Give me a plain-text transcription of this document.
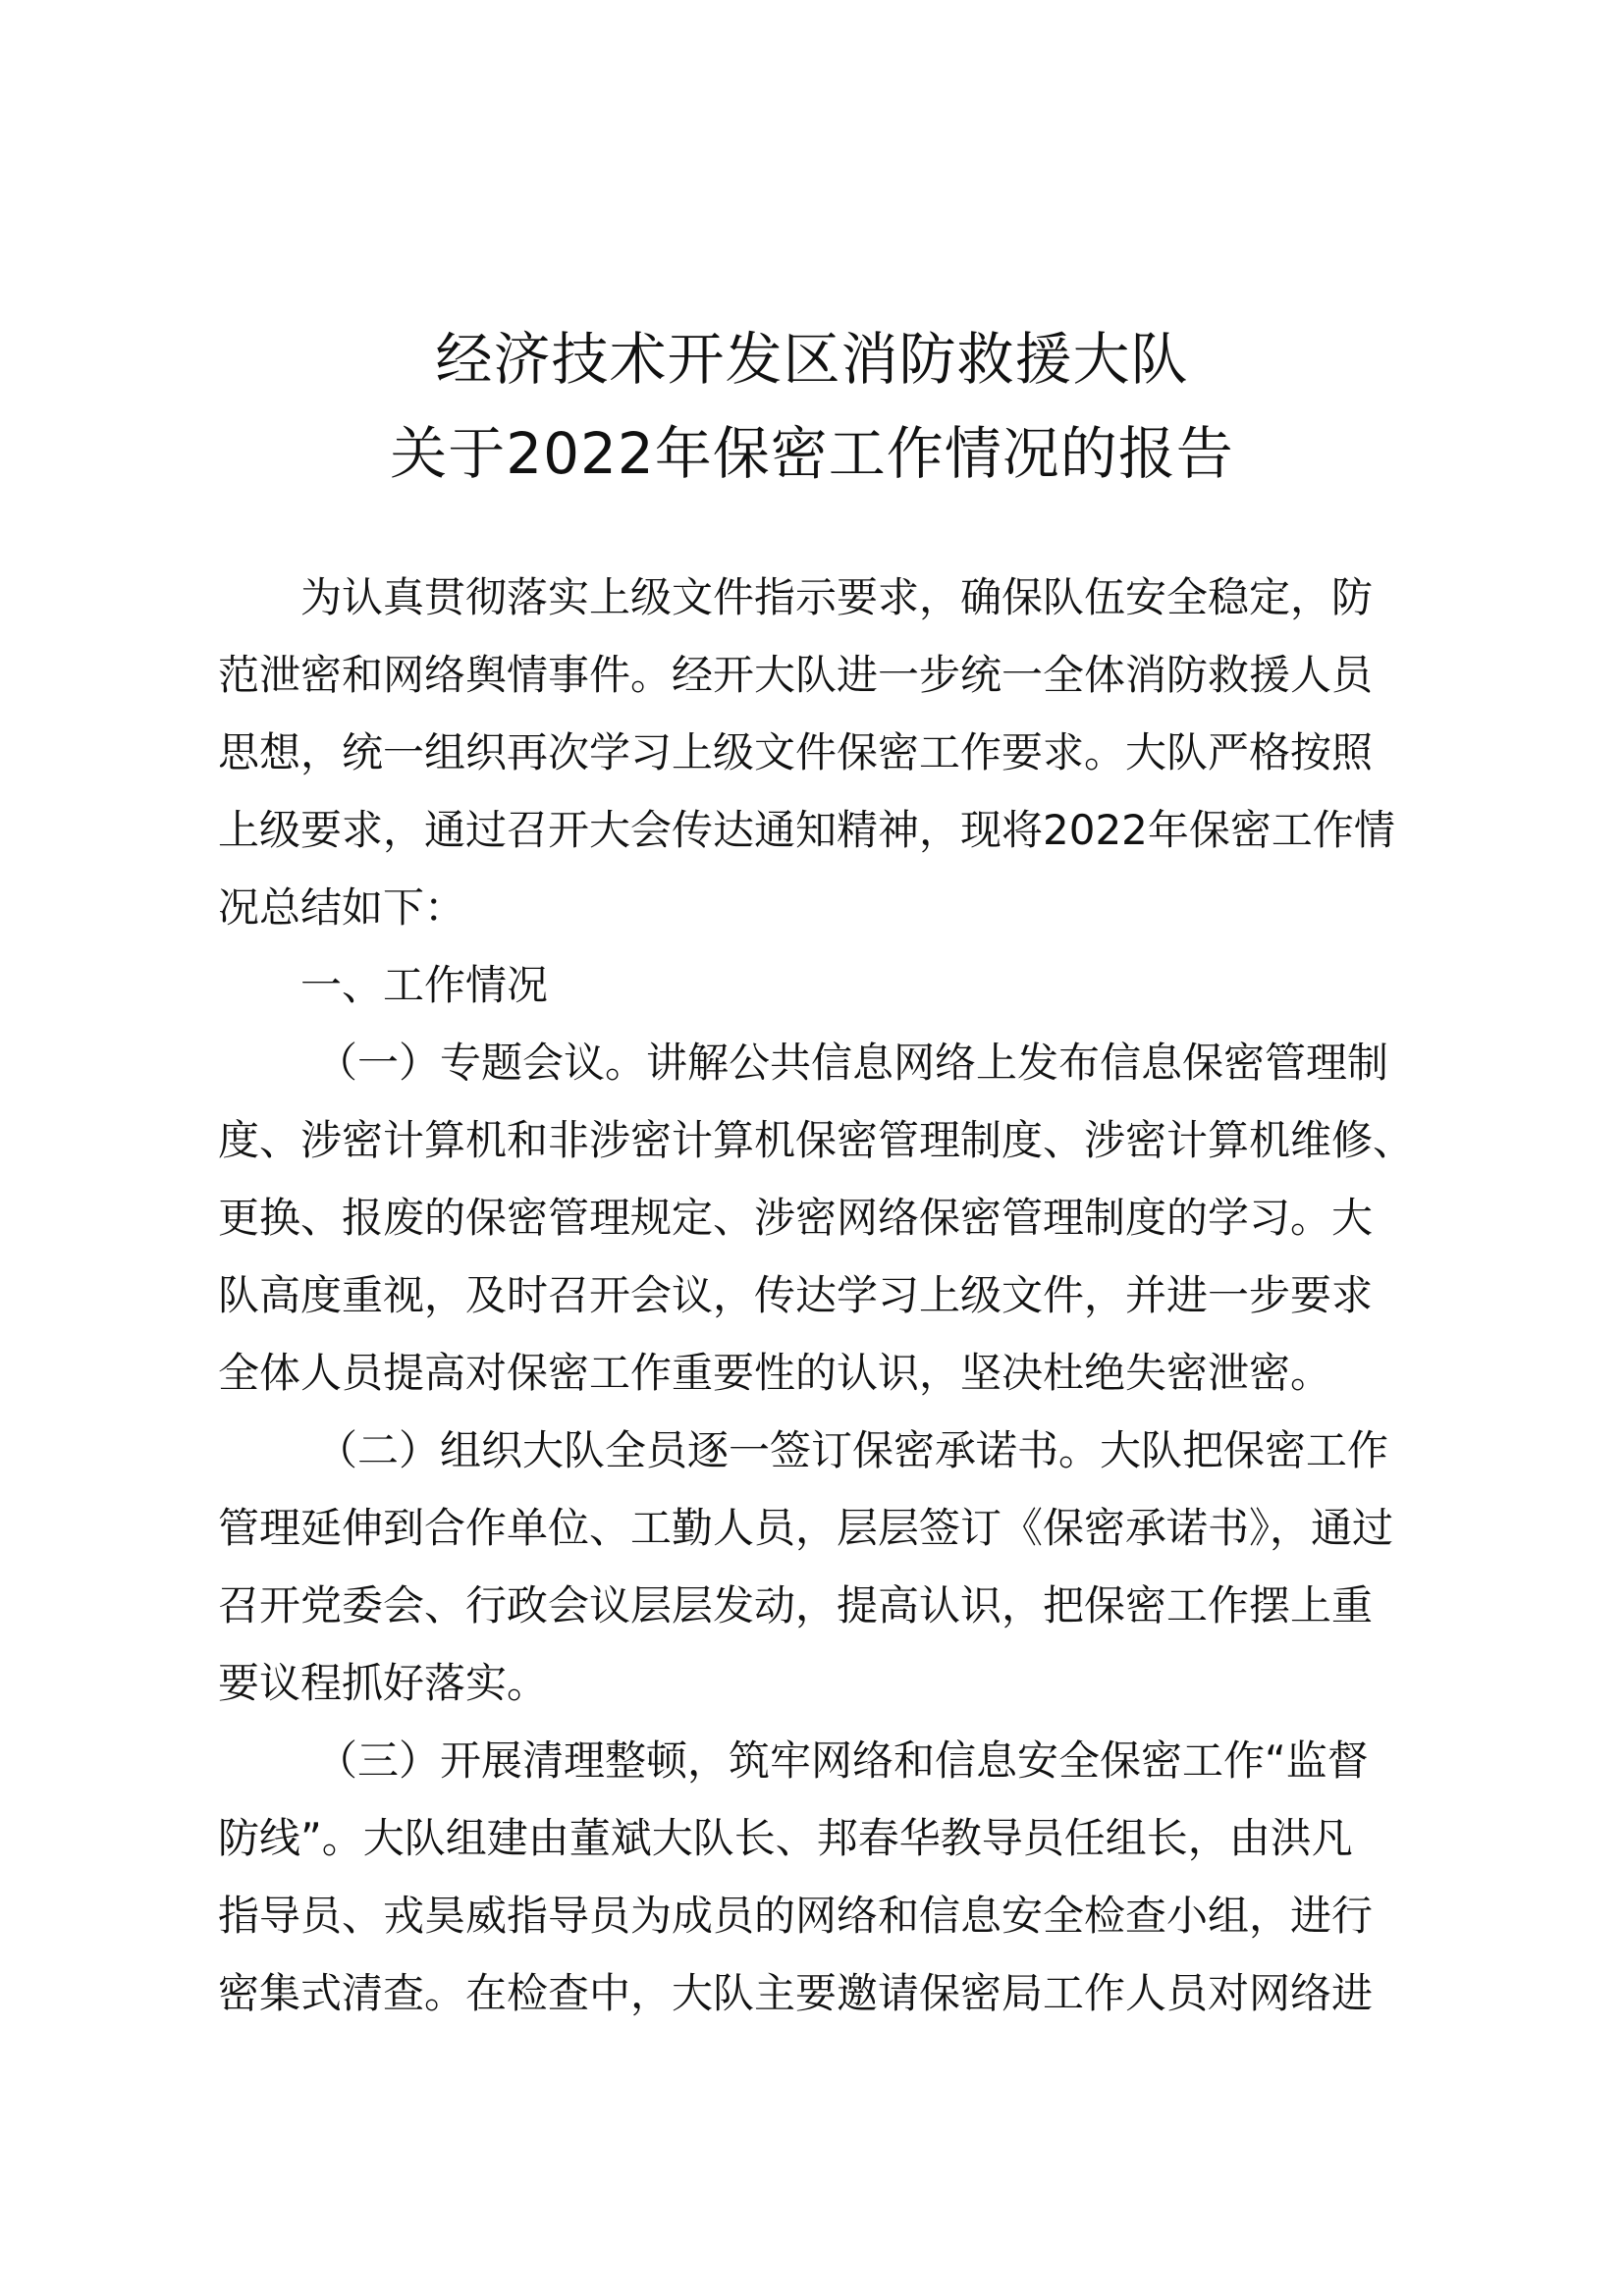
经济技术开发区消防救援大队
关于2022年保密工作情况的报告
为认真贯彻落实上级文件指示要求，确保队伍安全稳定，防
范泄密和网络舆情事件。经开大队进一步统一全体消防救援人员
思想，统一组织再次学习上级文件保密工作要求。大队严格按照
上级要求，通过召开大会传达通知精神，现将2022年保密工作情
况总结如下：
一、工作情况
（一）专题会议。讲解公共信息网络上发布信息保密管理制
度、涉密计算机和非涉密计算机保密管理制度、涉密计算机维修、
更换、报废的保密管理规定、涉密网络保密管理制度的学习。大
队高度重视，及时召开会议，传达学习上级文件，并进一步要求
全体人员提高对保密工作重要性的认识，坚决杜绝失密泄密。
（二）组织大队全员逐一签订保密承诺书。大队把保密工作
管理延伸到合作单位、工勤人员，层层签订《保密承诺书》，通过
召开党委会、行政会议层层发动，提高认识，把保密工作摆上重
要议程抓好落实。
（三）开展清理整顿，筑牢网络和信息安全保密工作“监督
防线”。大队组建由董斌大队长、邦春华教导员任组长，由洪凡
指导员、戎昊威指导员为成员的网络和信息安全检查小组，进行
密集式清查。在检查中，大队主要邀请保密局工作人员对网络进
